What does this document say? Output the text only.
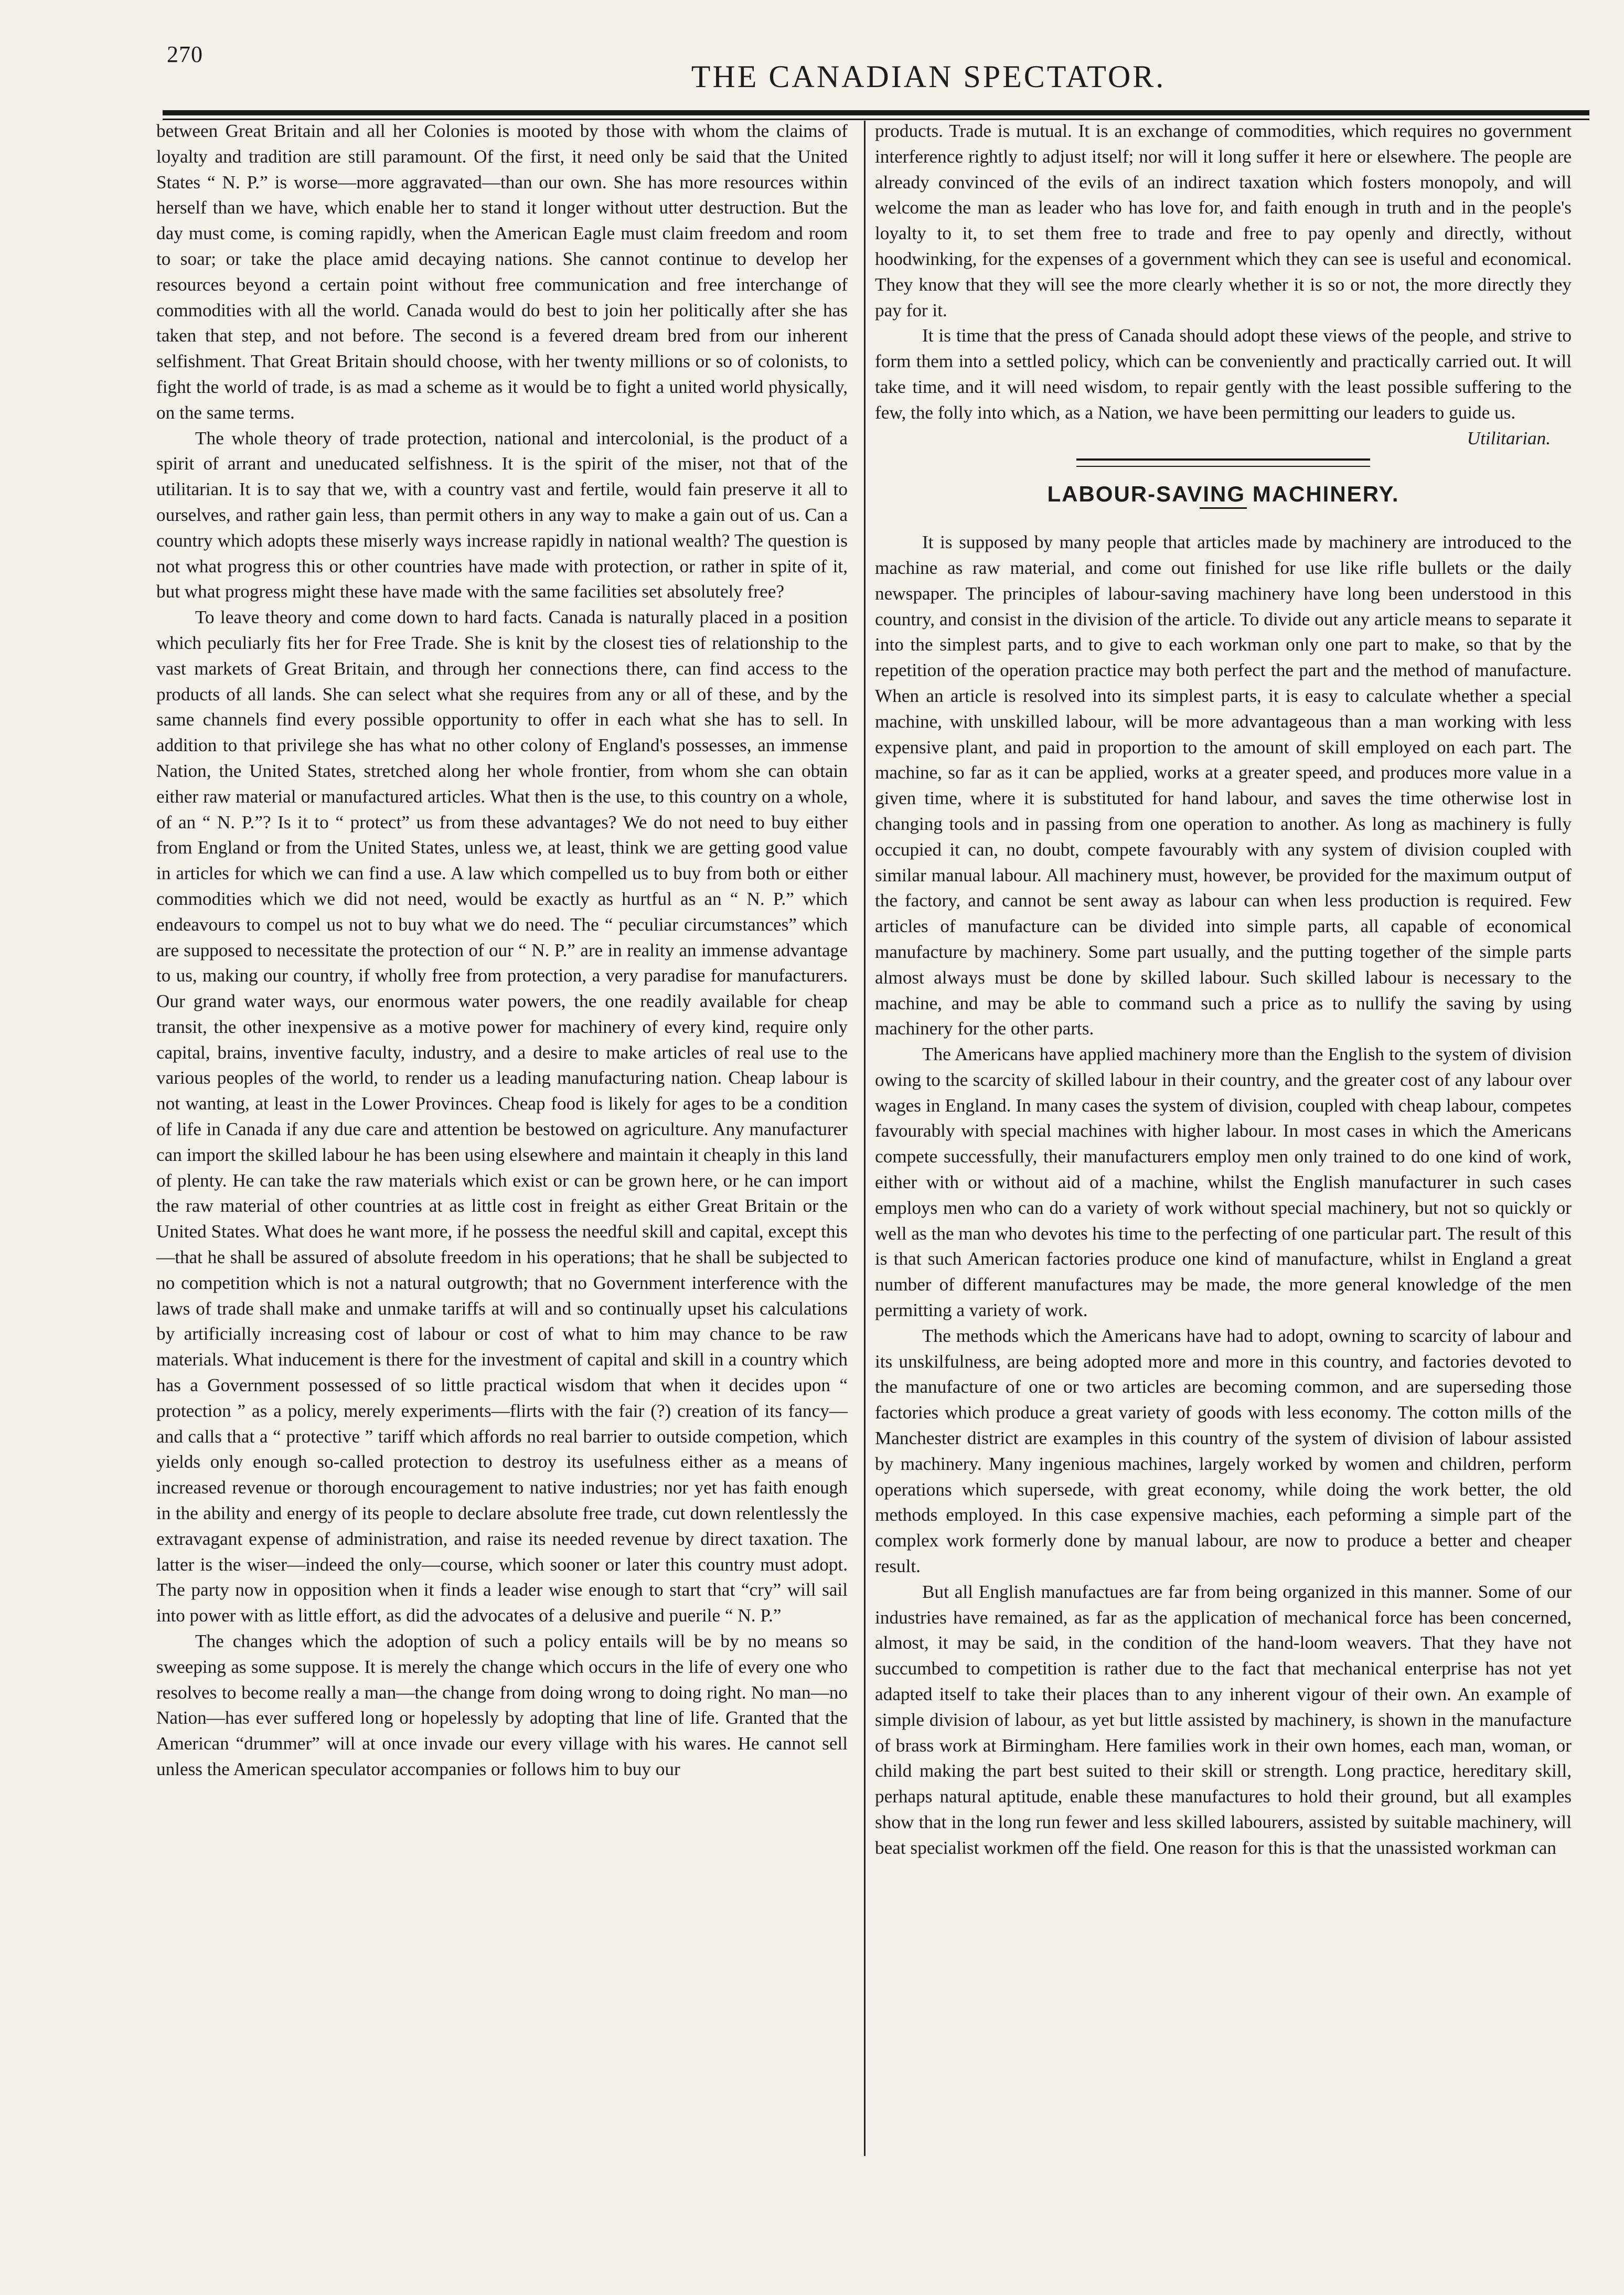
270
THE CANADIAN SPECTATOR.

between Great Britain and all her Colonies is mooted by those with whom the claims of loyalty and tradition are still paramount. Of the first, it need only be said that the United States “ N. P.” is worse—more aggravated—than our own. She has more resources within herself than we have, which enable her to stand it longer without utter destruction. But the day must come, is coming rapidly, when the American Eagle must claim freedom and room to soar; or take the place amid decaying nations. She cannot continue to develop her resources beyond a certain point without free communication and free interchange of commodities with all the world. Canada would do best to join her politically after she has taken that step, and not before. The second is a fevered dream bred from our inherent selfishment. That Great Britain should choose, with her twenty millions or so of colonists, to fight the world of trade, is as mad a scheme as it would be to fight a united world physically, on the same terms.

The whole theory of trade protection, national and intercolonial, is the product of a spirit of arrant and uneducated selfishness. It is the spirit of the miser, not that of the utilitarian. It is to say that we, with a country vast and fertile, would fain preserve it all to ourselves, and rather gain less, than permit others in any way to make a gain out of us. Can a country which adopts these miserly ways increase rapidly in national wealth? The question is not what progress this or other countries have made with protection, or rather in spite of it, but what progress might these have made with the same facilities set absolutely free?

To leave theory and come down to hard facts. Canada is naturally placed in a position which peculiarly fits her for Free Trade. She is knit by the closest ties of relationship to the vast markets of Great Britain, and through her connections there, can find access to the products of all lands. She can select what she requires from any or all of these, and by the same channels find every possible opportunity to offer in each what she has to sell. In addition to that privilege she has what no other colony of England's possesses, an immense Nation, the United States, stretched along her whole frontier, from whom she can obtain either raw material or manufactured articles. What then is the use, to this country on a whole, of an “ N. P.”? Is it to “ protect” us from these advantages? We do not need to buy either from England or from the United States, unless we, at least, think we are getting good value in articles for which we can find a use. A law which compelled us to buy from both or either commodities which we did not need, would be exactly as hurtful as an “ N. P.” which endeavours to compel us not to buy what we do need. The “ peculiar circumstances” which are supposed to necessitate the protection of our “ N. P.” are in reality an immense advantage to us, making our country, if wholly free from protection, a very paradise for manufacturers. Our grand water ways, our enormous water powers, the one readily available for cheap transit, the other inexpensive as a motive power for machinery of every kind, require only capital, brains, inventive faculty, industry, and a desire to make articles of real use to the various peoples of the world, to render us a leading manufacturing nation. Cheap labour is not wanting, at least in the Lower Provinces. Cheap food is likely for ages to be a condition of life in Canada if any due care and attention be bestowed on agriculture. Any manufacturer can import the skilled labour he has been using elsewhere and maintain it cheaply in this land of plenty. He can take the raw materials which exist or can be grown here, or he can import the raw material of other countries at as little cost in freight as either Great Britain or the United States. What does he want more, if he possess the needful skill and capital, except this—that he shall be assured of absolute freedom in his operations; that he shall be subjected to no competition which is not a natural outgrowth; that no Government interference with the laws of trade shall make and unmake tariffs at will and so continually upset his calculations by artificially increasing cost of labour or cost of what to him may chance to be raw materials. What inducement is there for the investment of capital and skill in a country which has a Government possessed of so little practical wisdom that when it decides upon “ protection ” as a policy, merely experiments—flirts with the fair (?) creation of its fancy—and calls that a “ protective ” tariff which affords no real barrier to outside competion, which yields only enough so-called protection to destroy its usefulness either as a means of increased revenue or thorough encouragement to native industries; nor yet has faith enough in the ability and energy of its people to declare absolute free trade, cut down relentlessly the extravagant expense of administration, and raise its needed revenue by direct taxation. The latter is the wiser—indeed the only—course, which sooner or later this country must adopt. The party now in opposition when it finds a leader wise enough to start that “cry” will sail into power with as little effort, as did the advocates of a delusive and puerile “ N. P.”

The changes which the adoption of such a policy entails will be by no means so sweeping as some suppose. It is merely the change which occurs in the life of every one who resolves to become really a man—the change from doing wrong to doing right. No man—no Nation—has ever suffered long or hopelessly by adopting that line of life. Granted that the American “drummer” will at once invade our every village with his wares. He cannot sell unless the American speculator accompanies or follows him to buy our

products. Trade is mutual. It is an exchange of commodities, which requires no government interference rightly to adjust itself; nor will it long suffer it here or elsewhere. The people are already convinced of the evils of an indirect taxation which fosters monopoly, and will welcome the man as leader who has love for, and faith enough in truth and in the people's loyalty to it, to set them free to trade and free to pay openly and directly, without hoodwinking, for the expenses of a government which they can see is useful and economical. They know that they will see the more clearly whether it is so or not, the more directly they pay for it.

It is time that the press of Canada should adopt these views of the people, and strive to form them into a settled policy, which can be conveniently and practically carried out. It will take time, and it will need wisdom, to repair gently with the least possible suffering to the few, the folly into which, as a Nation, we have been permitting our leaders to guide us.

Utilitarian.

LABOUR-SAVING MACHINERY.

It is supposed by many people that articles made by machinery are introduced to the machine as raw material, and come out finished for use like rifle bullets or the daily newspaper. The principles of labour-saving machinery have long been understood in this country, and consist in the division of the article. To divide out any article means to separate it into the simplest parts, and to give to each workman only one part to make, so that by the repetition of the operation practice may both perfect the part and the method of manufacture. When an article is resolved into its simplest parts, it is easy to calculate whether a special machine, with unskilled labour, will be more advantageous than a man working with less expensive plant, and paid in proportion to the amount of skill employed on each part. The machine, so far as it can be applied, works at a greater speed, and produces more value in a given time, where it is substituted for hand labour, and saves the time otherwise lost in changing tools and in passing from one operation to another. As long as machinery is fully occupied it can, no doubt, compete favourably with any system of division coupled with similar manual labour. All machinery must, however, be provided for the maximum output of the factory, and cannot be sent away as labour can when less production is required. Few articles of manufacture can be divided into simple parts, all capable of economical manufacture by machinery. Some part usually, and the putting together of the simple parts almost always must be done by skilled labour. Such skilled labour is necessary to the machine, and may be able to command such a price as to nullify the saving by using machinery for the other parts.

The Americans have applied machinery more than the English to the system of division owing to the scarcity of skilled labour in their country, and the greater cost of any labour over wages in England. In many cases the system of division, coupled with cheap labour, competes favourably with special machines with higher labour. In most cases in which the Americans compete successfully, their manufacturers employ men only trained to do one kind of work, either with or without aid of a machine, whilst the English manufacturer in such cases employs men who can do a variety of work without special machinery, but not so quickly or well as the man who devotes his time to the perfecting of one particular part. The result of this is that such American factories produce one kind of manufacture, whilst in England a great number of different manufactures may be made, the more general knowledge of the men permitting a variety of work.

The methods which the Americans have had to adopt, owning to scarcity of labour and its unskilfulness, are being adopted more and more in this country, and factories devoted to the manufacture of one or two articles are becoming common, and are superseding those factories which produce a great variety of goods with less economy. The cotton mills of the Manchester district are examples in this country of the system of division of labour assisted by machinery. Many ingenious machines, largely worked by women and children, perform operations which supersede, with great economy, while doing the work better, the old methods employed. In this case expensive machies, each peforming a simple part of the complex work formerly done by manual labour, are now to produce a better and cheaper result.

But all English manufactues are far from being organized in this manner. Some of our industries have remained, as far as the application of mechanical force has been concerned, almost, it may be said, in the condition of the hand-loom weavers. That they have not succumbed to competition is rather due to the fact that mechanical enterprise has not yet adapted itself to take their places than to any inherent vigour of their own. An example of simple division of labour, as yet but little assisted by machinery, is shown in the manufacture of brass work at Birmingham. Here families work in their own homes, each man, woman, or child making the part best suited to their skill or strength. Long practice, hereditary skill, perhaps natural aptitude, enable these manufactures to hold their ground, but all examples show that in the long run fewer and less skilled labourers, assisted by suitable machinery, will beat specialist workmen off the field. One reason for this is that the unassisted workman can
